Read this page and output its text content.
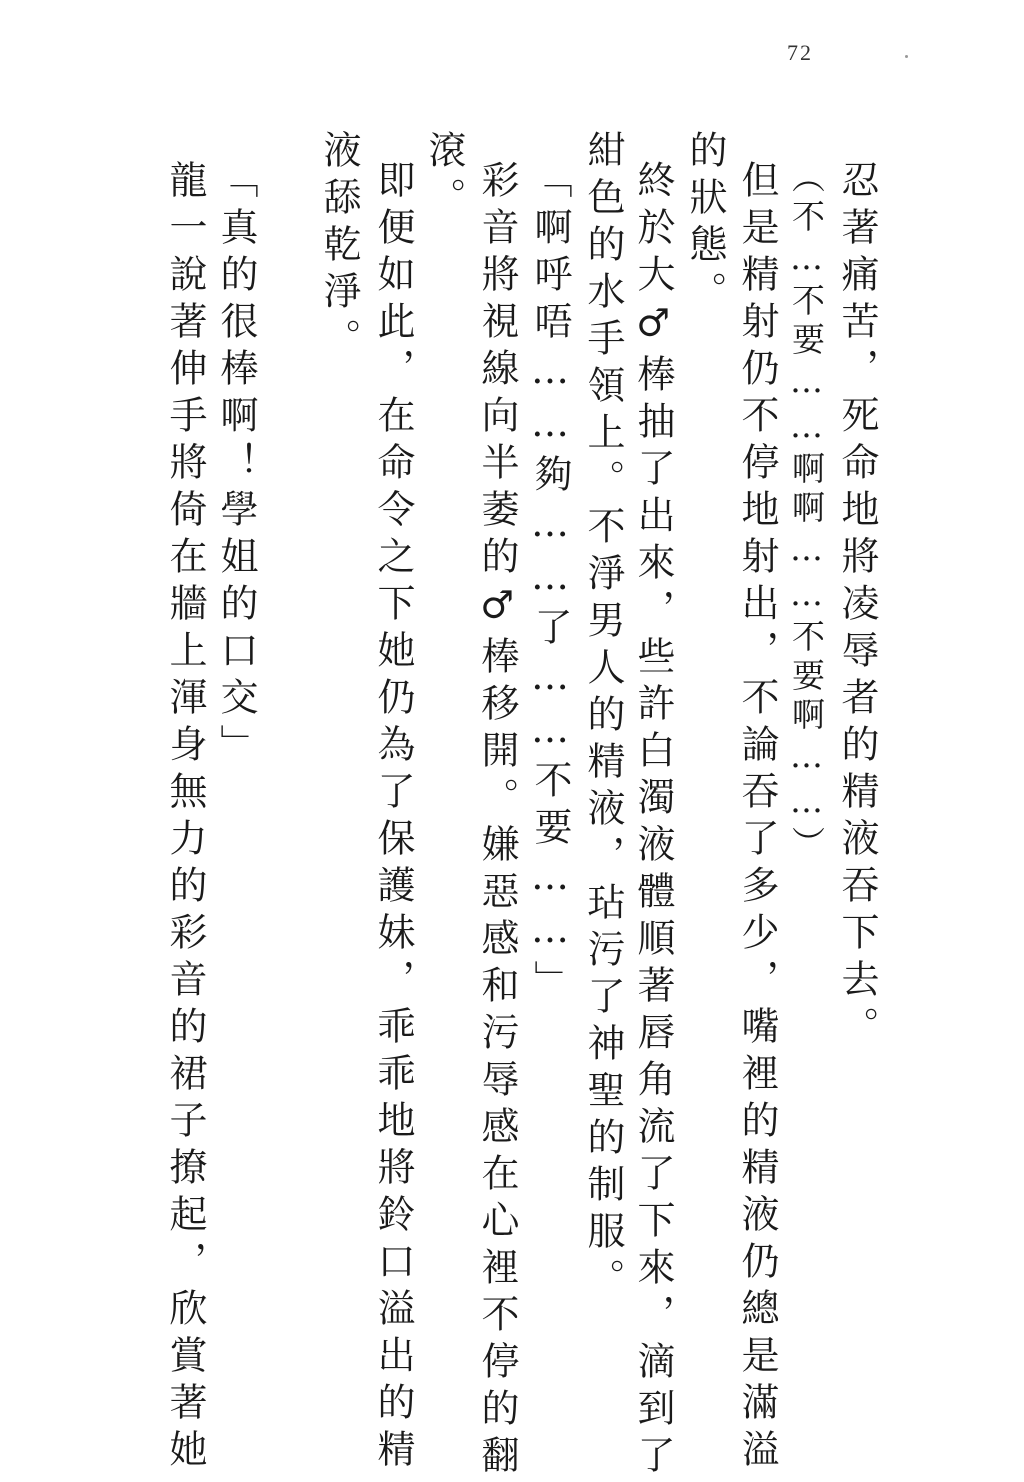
72
忍著痛苦，死命地將凌辱者的精液吞下去。
（不…不要……啊啊……不要啊……）
但是精射仍不停地射出，不論吞了多少，嘴裡的精液仍總是滿溢
的狀態。
終於大♂棒抽了出來，些許白濁液體順著唇角流了下來，滴到了
紺色的水手領上。不淨男人的精液，玷污了神聖的制服。
「啊呼唔……夠……了……不要……」
彩音將視線向半萎的♂棒移開。嫌惡感和污辱感在心裡不停的翻
滾。
即便如此，在命令之下她仍為了保護妹，乖乖地將鈴口溢出的精
液舔乾淨。
「真的很棒啊！學姐的口交」
龍一說著伸手將倚在牆上渾身無力的彩音的裙子撩起，欣賞著她
